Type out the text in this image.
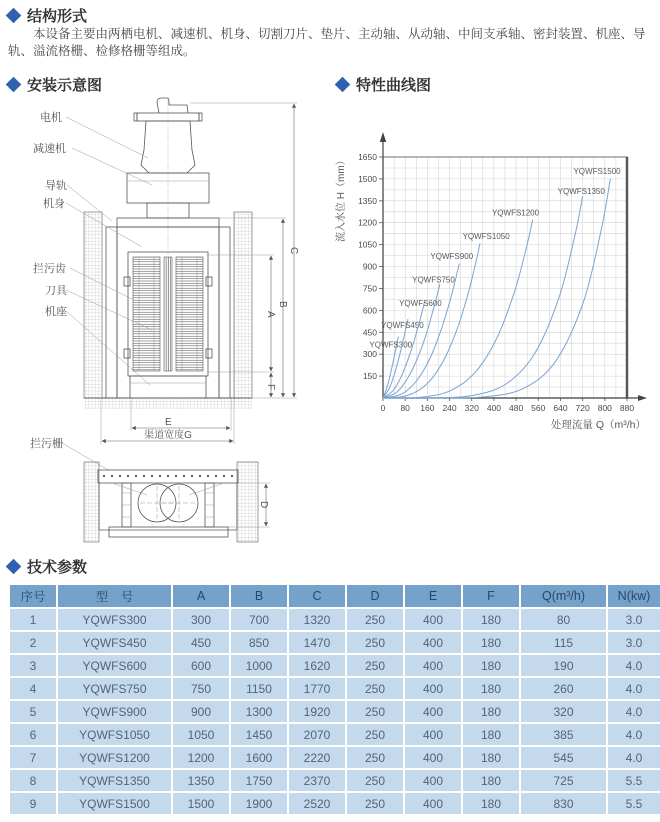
结构形式
本设备主要由两栖电机、减速机、机身、切割刀片、垫片、主动轴、从动轴、中间支承轴、密封装置、机座、导轨、溢流格栅、检修格栅等组成。
安装示意图	特性曲线图
技术参数
电机
减速机
导轨
机身
拦污齿
刀具
机座
拦污栅
C
B
A
F
E
渠道宽度G
D
150
300
450
600
750
900
1050
1200
1350
1500
1650
0 80 160 240 320 400 480 560 640 720 800 880
YQWFS300
YQWFS450
YQWFS600
YQWFS750
YQWFS900
YQWFS1050
YQWFS1200
YQWFS1350
YQWFS1500
处理流量 Q（m³/h）
流入水位 H（mm）
序号	型　号	A	B	C	D	E	F	Q(m³/h)	N(kw)
1	YQWFS300	300	700	1320	250	400	180	80	3.0
2	YQWFS450	450	850	1470	250	400	180	115	3.0
3	YQWFS600	600	1000	1620	250	400	180	190	4.0
4	YQWFS750	750	1150	1770	250	400	180	260	4.0
5	YQWFS900	900	1300	1920	250	400	180	320	4.0
6	YQWFS1050	1050	1450	2070	250	400	180	385	4.0
7	YQWFS1200	1200	1600	2220	250	400	180	545	4.0
8	YQWFS1350	1350	1750	2370	250	400	180	725	5.5
9	YQWFS1500	1500	1900	2520	250	400	180	830	5.5
